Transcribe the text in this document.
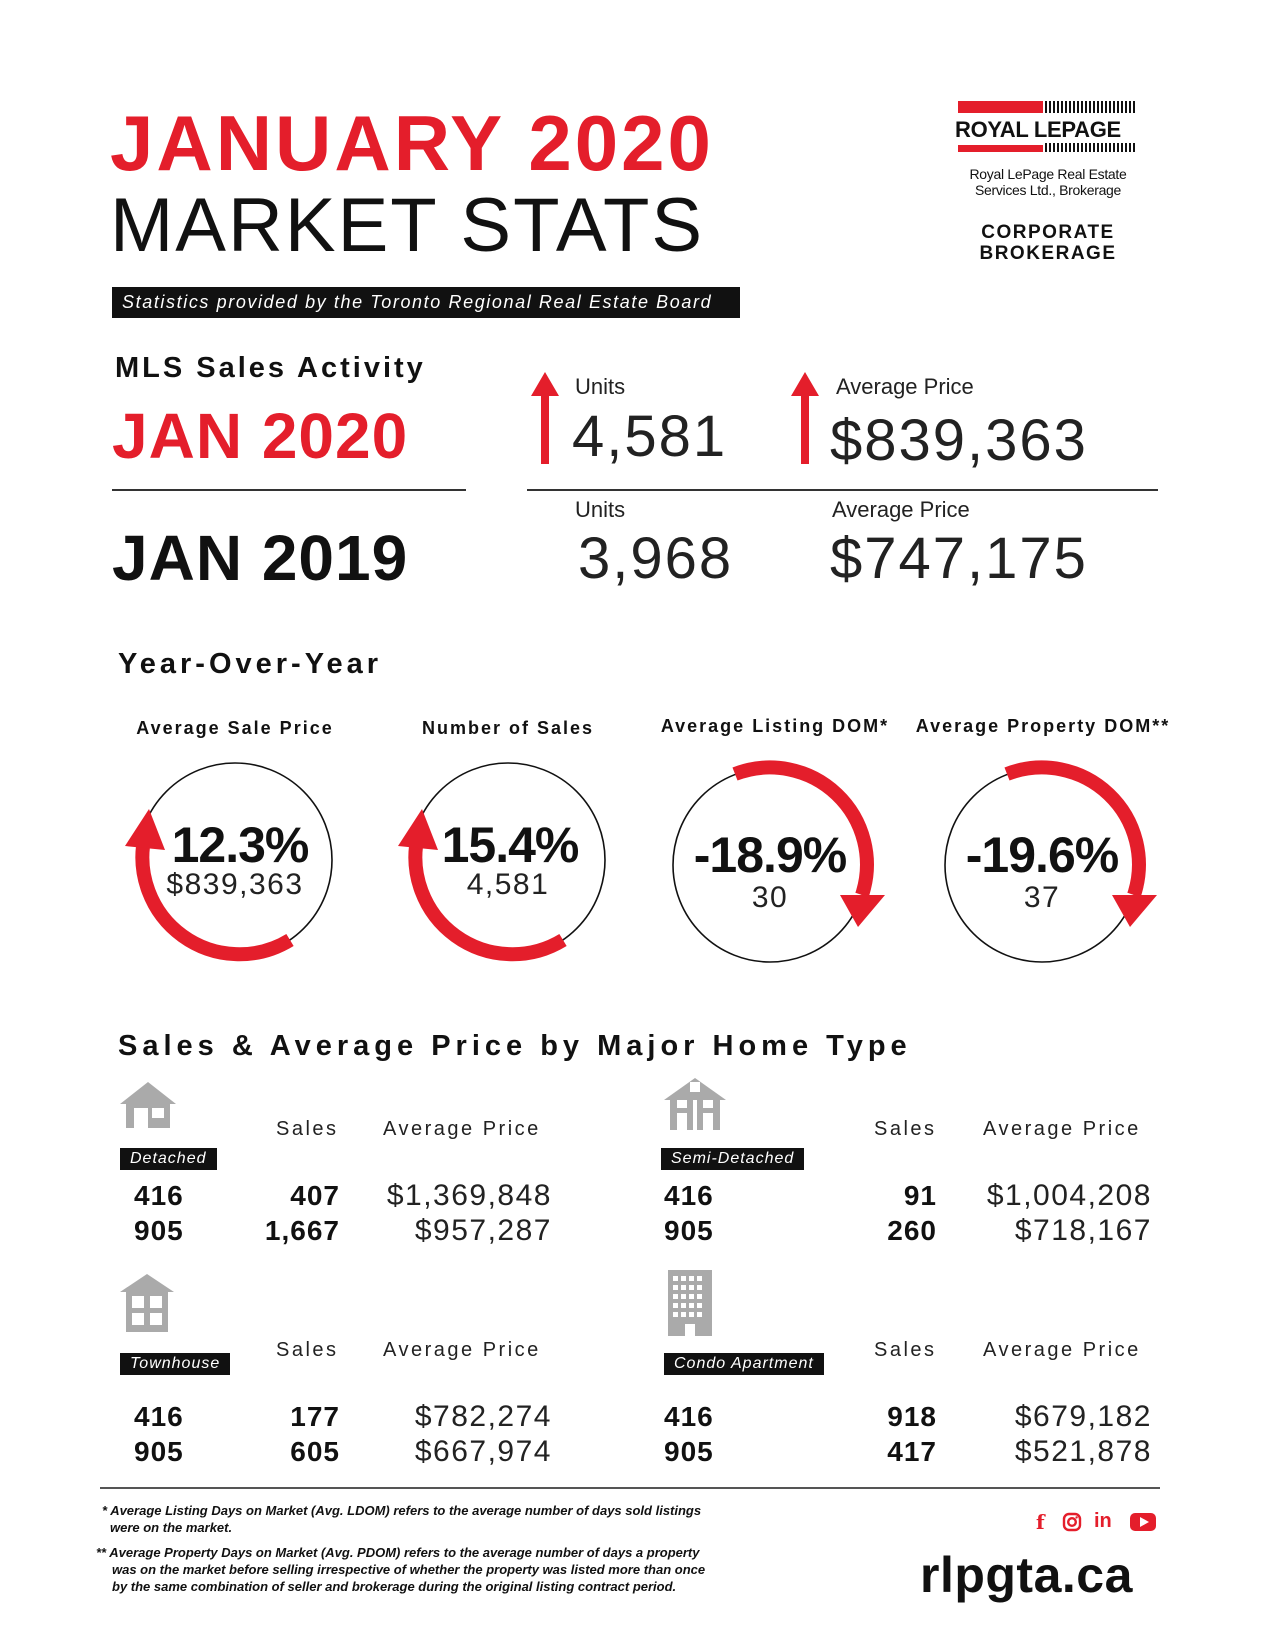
JANUARY 2020
MARKET STATS
Statistics provided by the Toronto Regional Real Estate Board
ROYAL LEPAGE
Royal LePage Real Estate
Services Ltd., Brokerage
CORPORATE
BROKERAGE
MLS Sales Activity
JAN 2020
JAN 2019
Units
4,581
Average Price
$839,363
Units
3,968
Average Price
$747,175
Year-Over-Year
Average Sale Price
12.3%
$839,363
Number of Sales
15.4%
4,581
Average Listing DOM*
-18.9%
30
Average Property DOM**
-19.6%
37
Sales & Average Price by Major Home Type
Detached
Sales Average Price
416	407	$1,369,848
905	1,667	$957,287
Semi-Detached
Sales Average Price
416	91	$1,004,208
905	260	$718,167
Townhouse
Sales Average Price
416	177	$782,274
905	605	$667,974
Condo Apartment
Sales Average Price
416	918	$679,182
905	417	$521,878
* Average Listing Days on Market (Avg. LDOM) refers to the average number of days sold listings
were on the market.
** Average Property Days on Market (Avg. PDOM) refers to the average number of days a property
was on the market before selling irrespective of whether the property was listed more than once
by the same combination of seller and brokerage during the original listing contract period.
f in
rlpgta.ca
